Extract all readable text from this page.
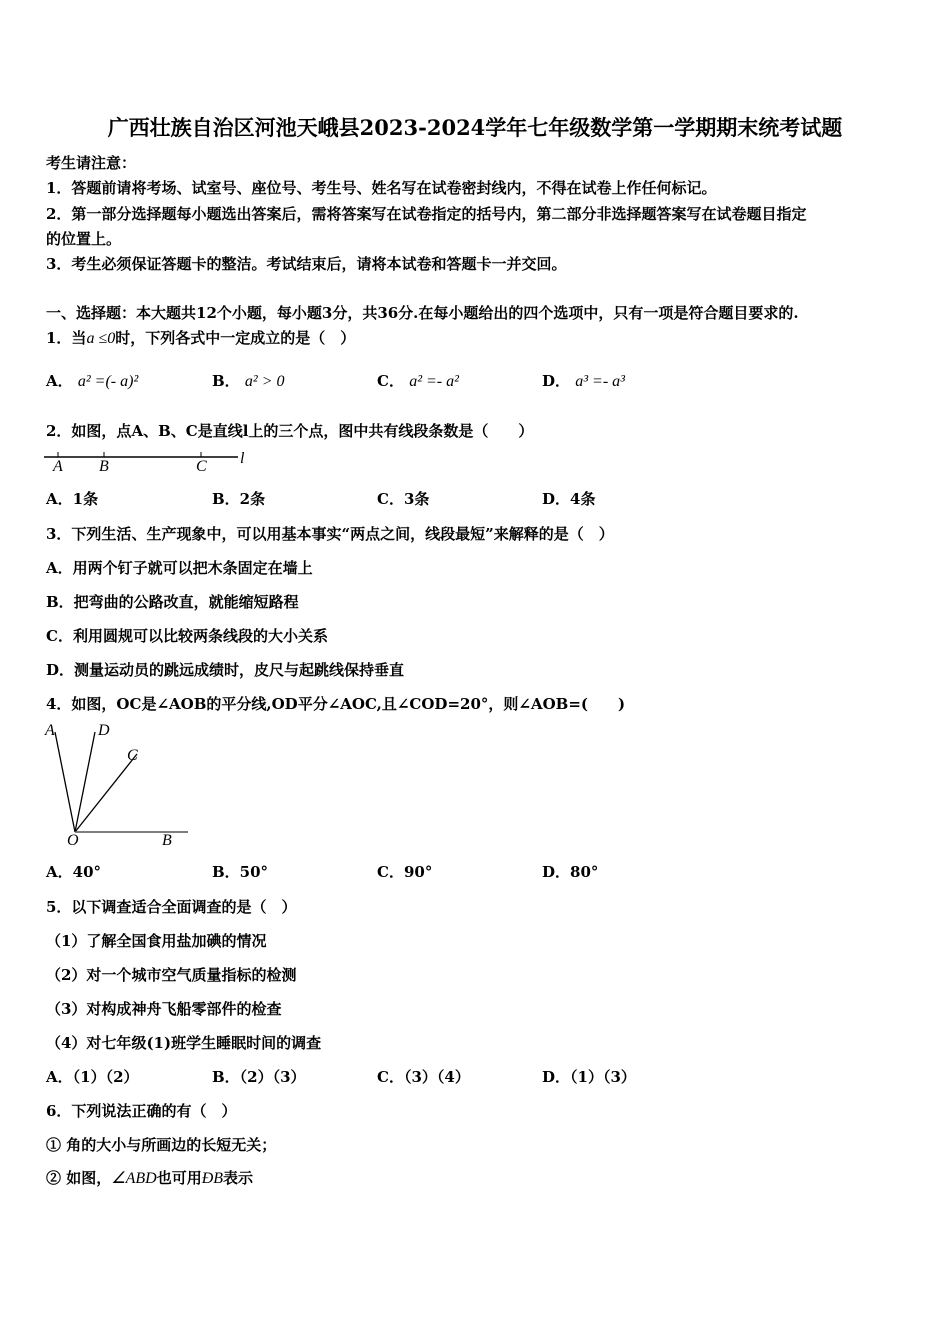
广西壮族自治区河池天峨县2023-2024学年七年级数学第一学期期末统考试题
考生请注意：
1．答题前请将考场、试室号、座位号、考生号、姓名写在试卷密封线内，不得在试卷上作任何标记。
2．第一部分选择题每小题选出答案后，需将答案写在试卷指定的括号内，第二部分非选择题答案写在试卷题目指定
的位置上。
3．考生必须保证答题卡的整洁。考试结束后，请将本试卷和答题卡一并交回。
一、选择题：本大题共12个小题，每小题3分，共36分.在每小题给出的四个选项中，只有一项是符合题目要求的.
1．当a ≤0时，下列各式中一定成立的是（　）
A． a² =(- a)²	B． a² > 0	C． a² =- a²	D． a³ =- a³
2．如图，点A、B、C是直线l上的三个点，图中共有线段条数是（　　）
A B	C l
A．1条	B．2条	C．3条	D．4条
3．下列生活、生产现象中，可以用基本事实“两点之间，线段最短”来解释的是（　）
A．用两个钉子就可以把木条固定在墙上
B．把弯曲的公路改直，就能缩短路程
C．利用圆规可以比较两条线段的大小关系
D．测量运动员的跳远成绩时，皮尺与起跳线保持垂直
4．如图，OC是∠AOB的平分线,OD平分∠AOC,且∠COD=20°，则∠AOB=(　　)
A	D
C
O	B
A．40°	B．50°	C．90°	D．80°
5．以下调查适合全面调查的是（　）
（1）了解全国食用盐加碘的情况
（2）对一个城市空气质量指标的检测
（3）对构成神舟飞船零部件的检查
（4）对七年级(1)班学生睡眠时间的调查
A．（1）（2）	B．（2）（3）	C．（3）（4）	D．（1）（3）
6．下列说法正确的有（　）
① 角的大小与所画边的长短无关；
② 如图，∠ABD也可用ÐB表示
